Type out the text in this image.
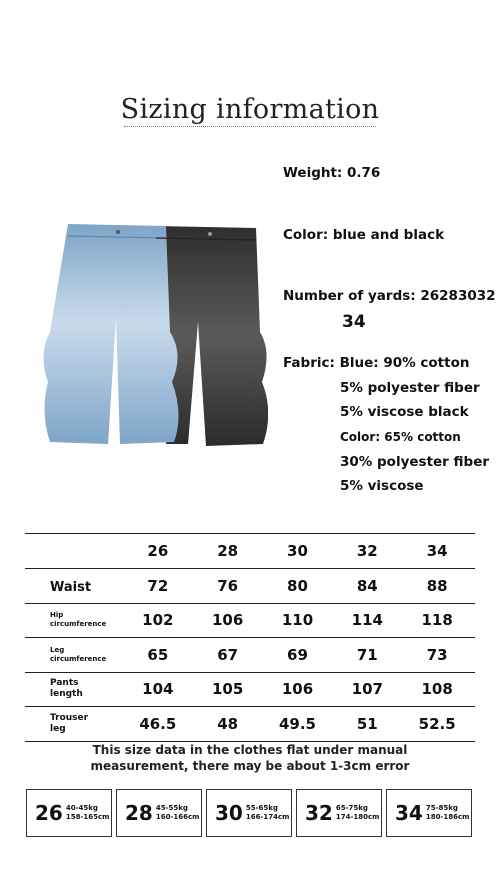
Sizing information
Weight: 0.76
Color: blue and black
Number of yards: 26283032
34
Fabric: Blue: 90% cotton
5% polyester fiber
5% viscose black
Color: 65% cotton
30% polyester fiber
5% viscose
	26	28	30	32	34
Waist	72	76	80	84	88

Hip
circumference	102	106	110	114	118

Leg
circumference	65	67	69	71	73

Pants
length	104	105	106	107	108

Trouser
leg	46.5	48	49.5	51	52.5
This size data in the clothes flat under manual
measurement, there may be about 1-3cm error
26 40-45kg
158-165cm 28 45-55kg
160-166cm 30 55-65kg
166-174cm 32 65-75kg
174-180cm 34 75-85kg
180-186cm
